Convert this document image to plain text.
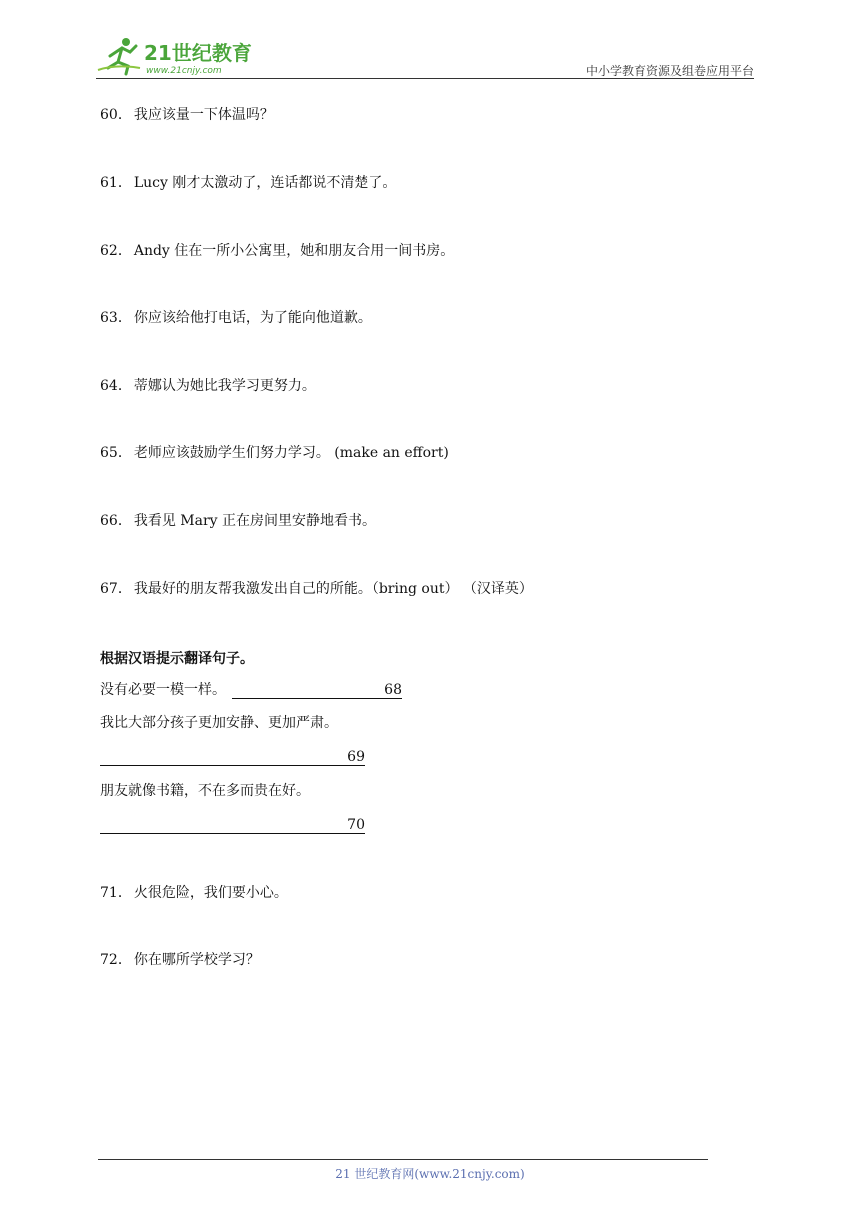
21世纪教育
www.21cnjy.com	中小学教育资源及组卷应用平台
60． 我应该量一下体温吗？
61． Lucy 刚才太激动了，连话都说不清楚了。
62． Andy 住在一所小公寓里，她和朋友合用一间书房。
63． 你应该给他打电话，为了能向他道歉。
64． 蒂娜认为她比我学习更努力。
65． 老师应该鼓励学生们努力学习。 (make an effort)
66． 我看见 Mary 正在房间里安静地看书。
67． 我最好的朋友帮我激发出自己的所能。（bring out） （汉译英）
根据汉语提示翻译句子。
没有必要一模一样。	68
我比大部分孩子更加安静、更加严肃。
69
朋友就像书籍，不在多而贵在好。
70
71． 火很危险，我们要小心。
72． 你在哪所学校学习？
21 世纪教育网(www.21cnjy.com)
